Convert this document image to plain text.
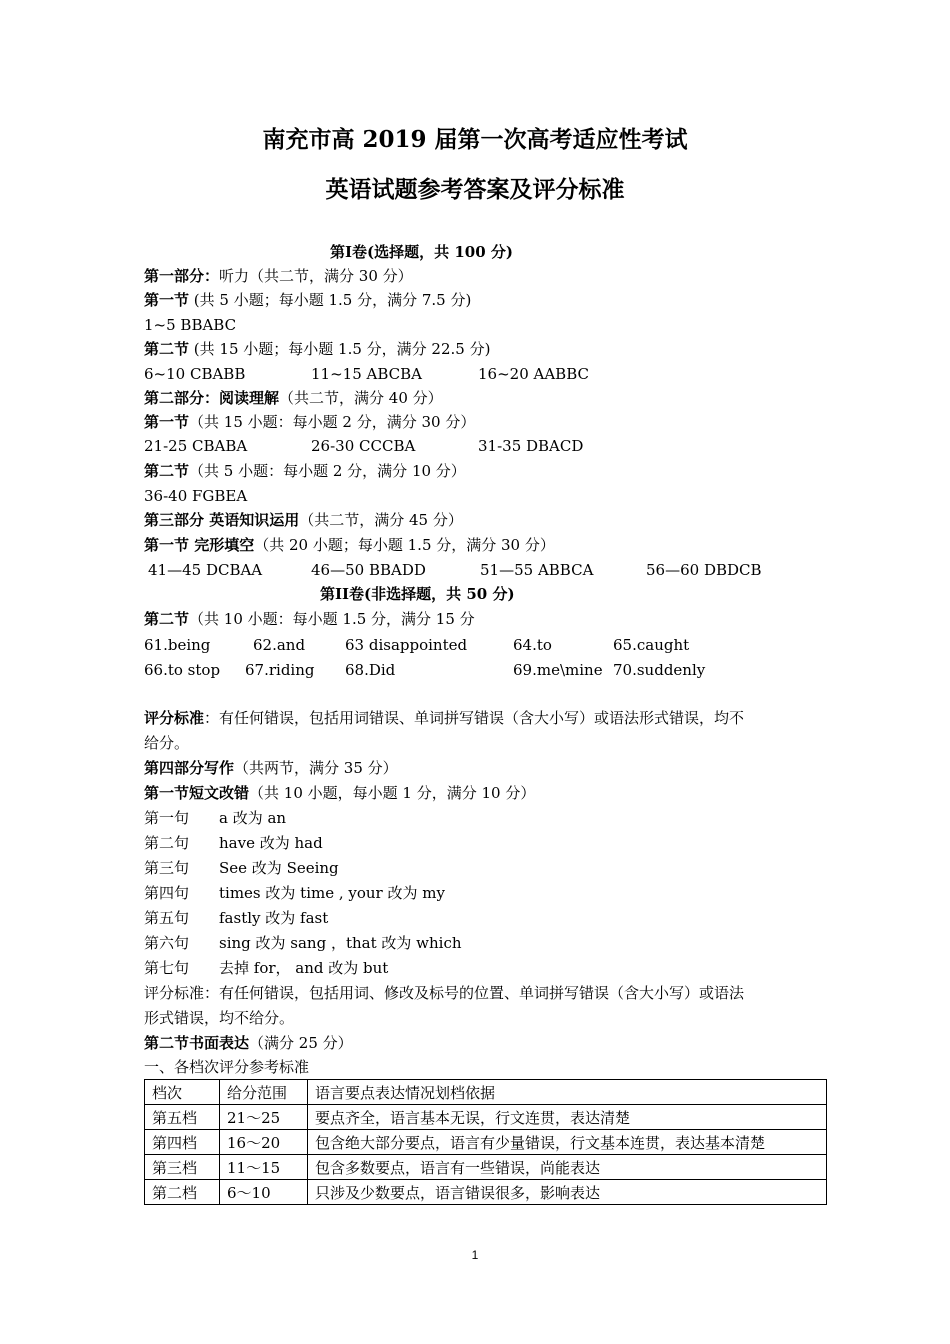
南充市高 2019 届第一次高考适应性考试
英语试题参考答案及评分标准
第I卷(选择题，共 100 分)
第一部分：听力（共二节，满分 30 分）
第一节 (共 5 小题；每小题 1.5 分，满分 7.5 分)
1~5 BBABC
第二节 (共 15 小题；每小题 1.5 分，满分 22.5 分)
6~10 CBABB	11~15 ABCBA	16~20 AABBC
第二部分：阅读理解（共二节，满分 40 分）
第一节（共 15 小题：每小题 2 分，满分 30 分）
21-25 CBABA	26-30 CCCBA	31-35 DBACD
第二节（共 5 小题：每小题 2 分，满分 10 分）
36-40 FGBEA
第三部分 英语知识运用（共二节，满分 45 分）
第一节 完形填空（共 20 小题；每小题 1.5 分，满分 30 分）
41—45 DCBAA	46—50 BBADD	51—55 ABBCA	56—60 DBDCB
第II卷(非选择题，共 50 分)
第二节（共 10 小题：每小题 1.5 分，满分 15 分
61.being	62.and	63 disappointed	64.to	65.caught
66.to stop 67.riding 68.Did	69.me\mine 70.suddenly
评分标准：有任何错误，包括用词错误、单词拼写错误（含大小写）或语法形式错误，均不
给分。
第四部分写作（共两节，满分 35 分）
第一节短文改错（共 10 小题，每小题 1 分，满分 10 分）
第一句 a 改为 an
第二句 have 改为 had
第三句 See 改为 Seeing
第四句 times 改为 time , your 改为 my
第五句 fastly 改为 fast
第六句 sing 改为 sang ，that 改为 which
第七句 去掉 for， and 改为 but
评分标准：有任何错误，包括用词、修改及标号的位置、单词拼写错误（含大小写）或语法
形式错误，均不给分。
第二节书面表达（满分 25 分）
一、各档次评分参考标准
档次	给分范围	语言要点表达情况划档依据
第五档	21～25	要点齐全，语言基本无误，行文连贯，表达清楚
第四档	16～20	包含绝大部分要点，语言有少量错误，行文基本连贯，表达基本清楚
第三档	11～15	包含多数要点，语言有一些错误，尚能表达
第二档	6～10	只涉及少数要点，语言错误很多，影响表达
1
